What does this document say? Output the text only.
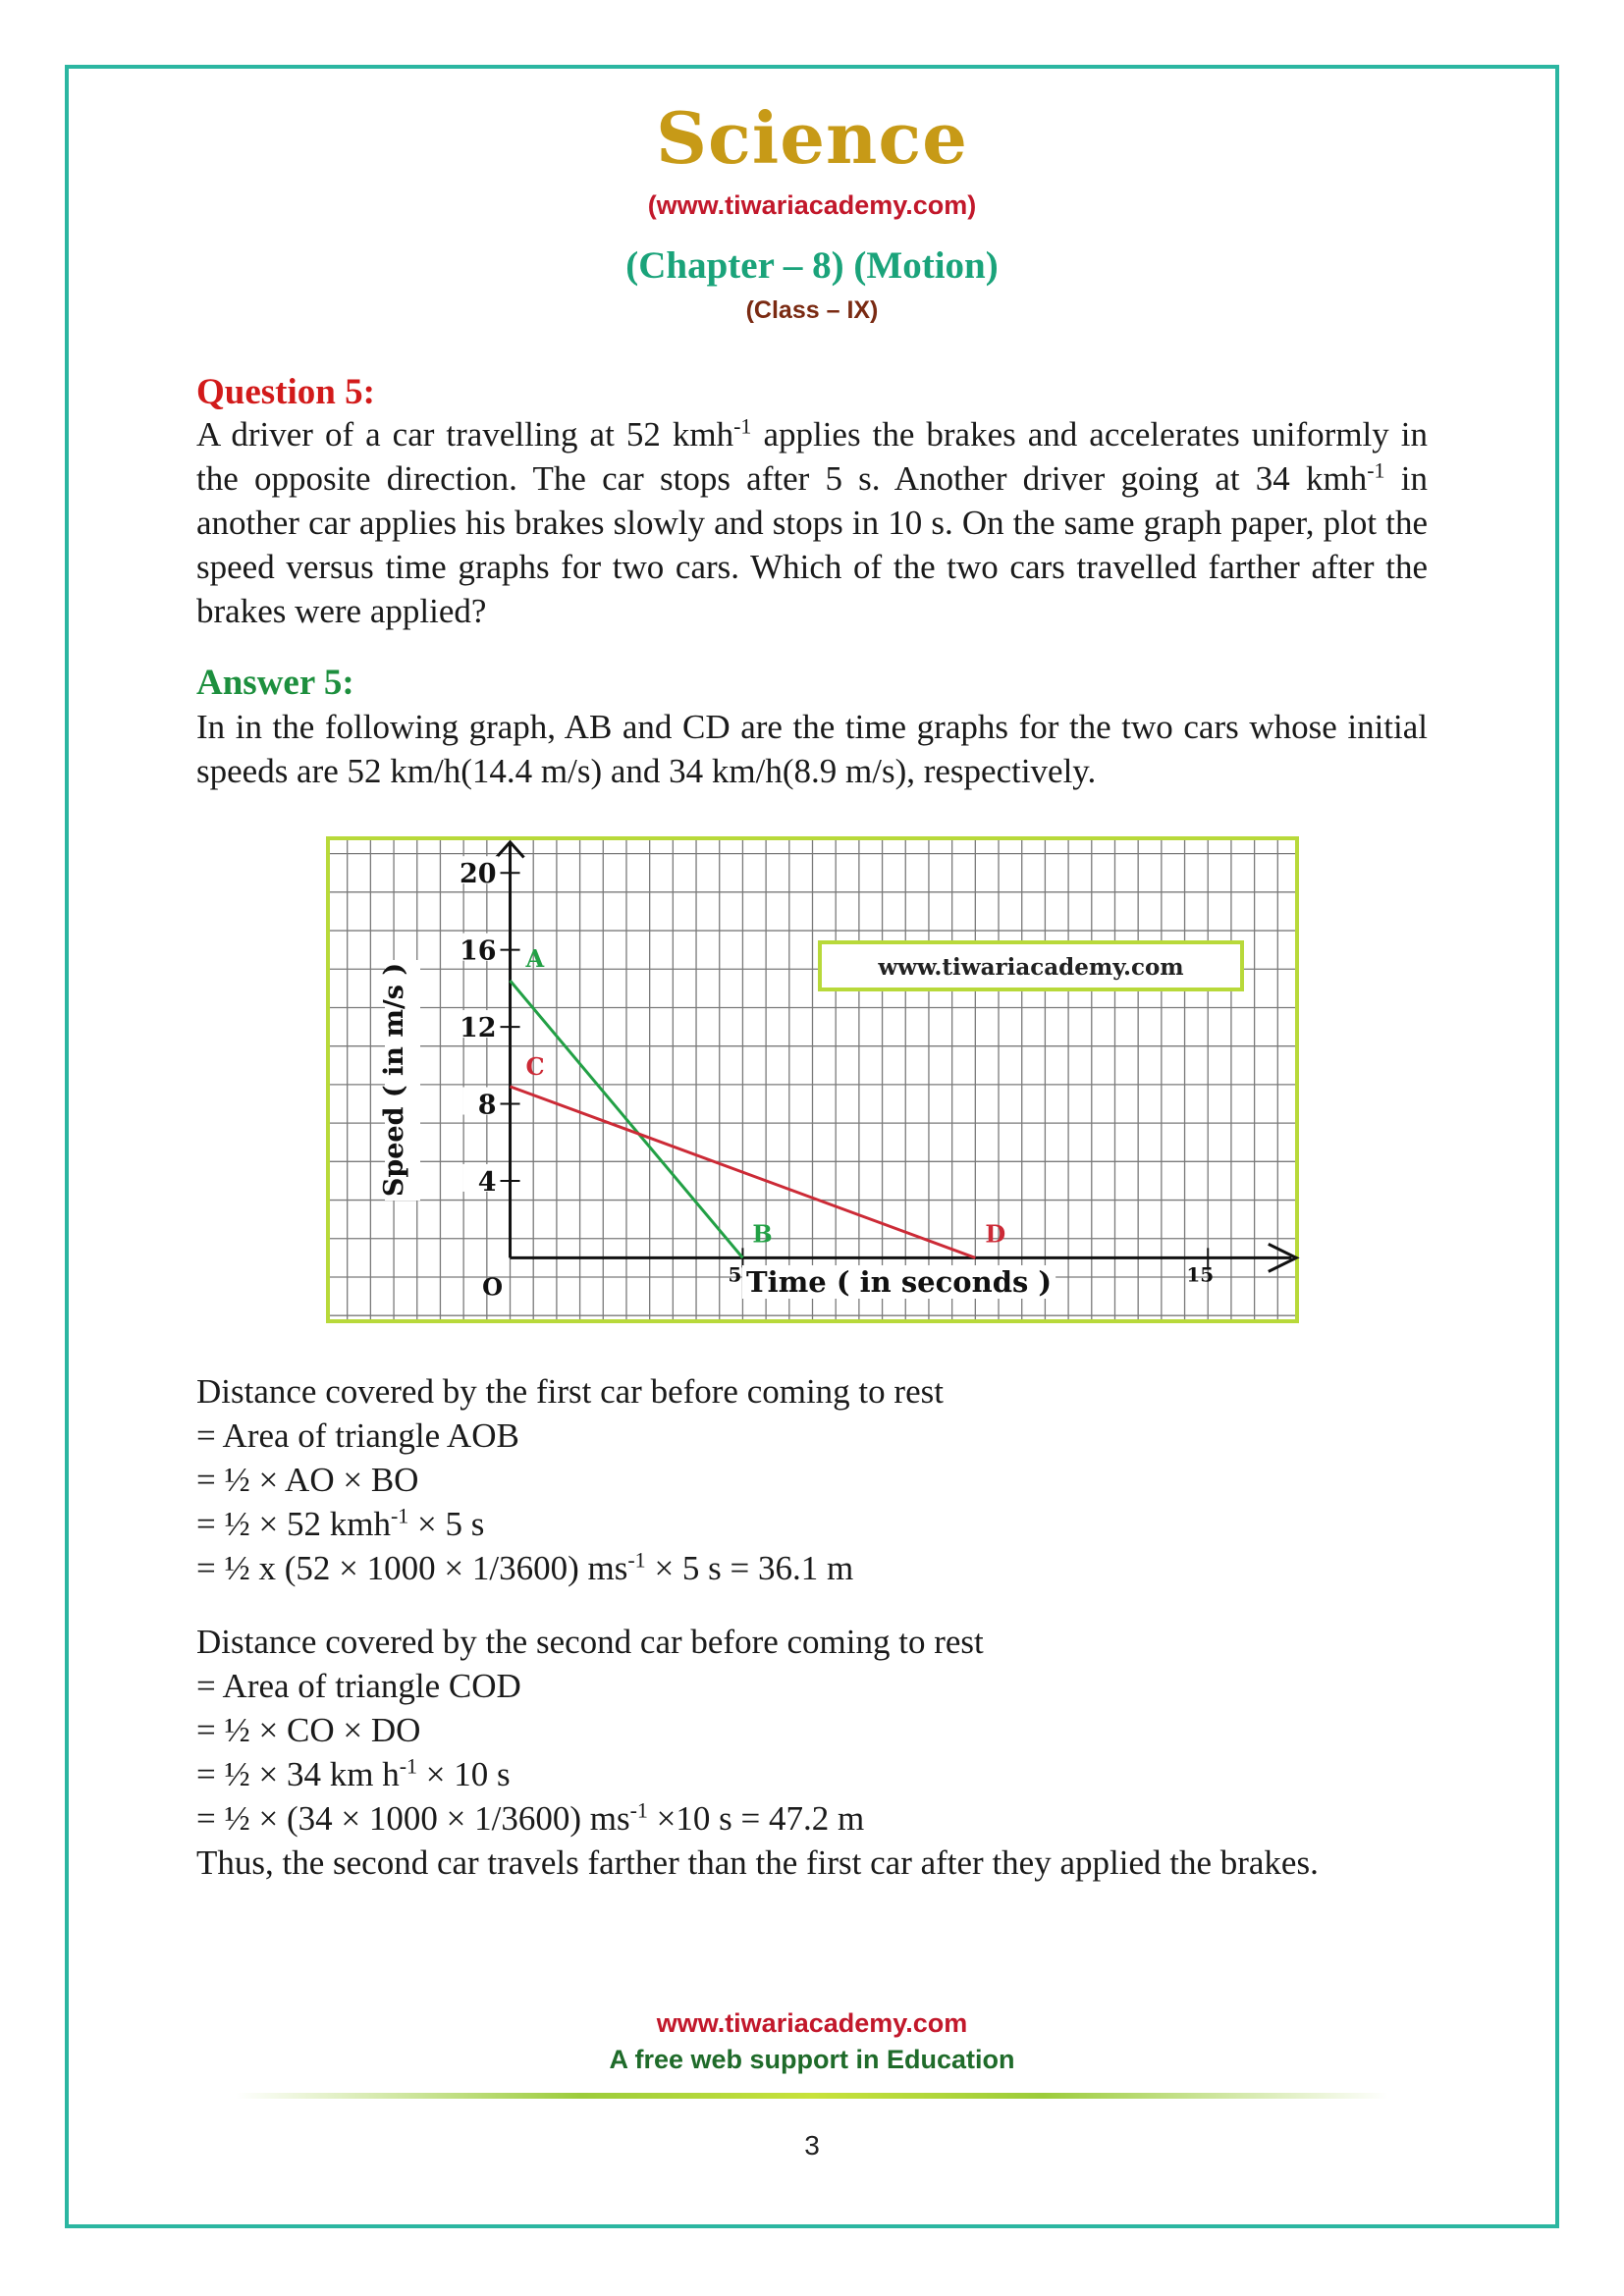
Science
(www.tiwariacademy.com)
(Chapter – 8) (Motion)
(Class – IX)
Question 5:
A driver of a car travelling at 52 kmh$^{-1}$ applies the brakes and accelerates uniformly in the opposite direction. The car stops after 5 s. Another driver going at 34 kmh$^{-1}$ in another car applies his brakes slowly and stops in 10 s. On the same graph paper, plot the speed versus time graphs for two cars. Which of the two cars travelled farther after the brakes were applied?
Answer 5:
In in the following graph, AB and CD are the time graphs for the two cars whose initial speeds are 52 km/h(14.4 m/s) and 34 km/h(8.9 m/s), respectively.
20
16
12
8
4
5	15
O
A
B
C
D
www.tiwariacademy.com
Speed ( in m/s )
Time ( in seconds )
Distance covered by the first car before coming to rest
= Area of triangle AOB
= ½ × AO × BO
= ½ × 52 kmh$^{-1}$ × 5 s
= ½ x (52 × 1000 × 1/3600) $ms^{-1} \times 5$ s = 36.1 m
Distance covered by the second car before coming to rest
= Area of triangle COD
= ½ × CO × DO
= ½ × 34 km $h^{-1} \times 10$ s
= ½ × (34 × 1000 × 1/3600) $ms^{-1} \times 10$ s = 47.2 m
Thus, the second car travels farther than the first car after they applied the brakes.
www.tiwariacademy.com
A free web support in Education
3
